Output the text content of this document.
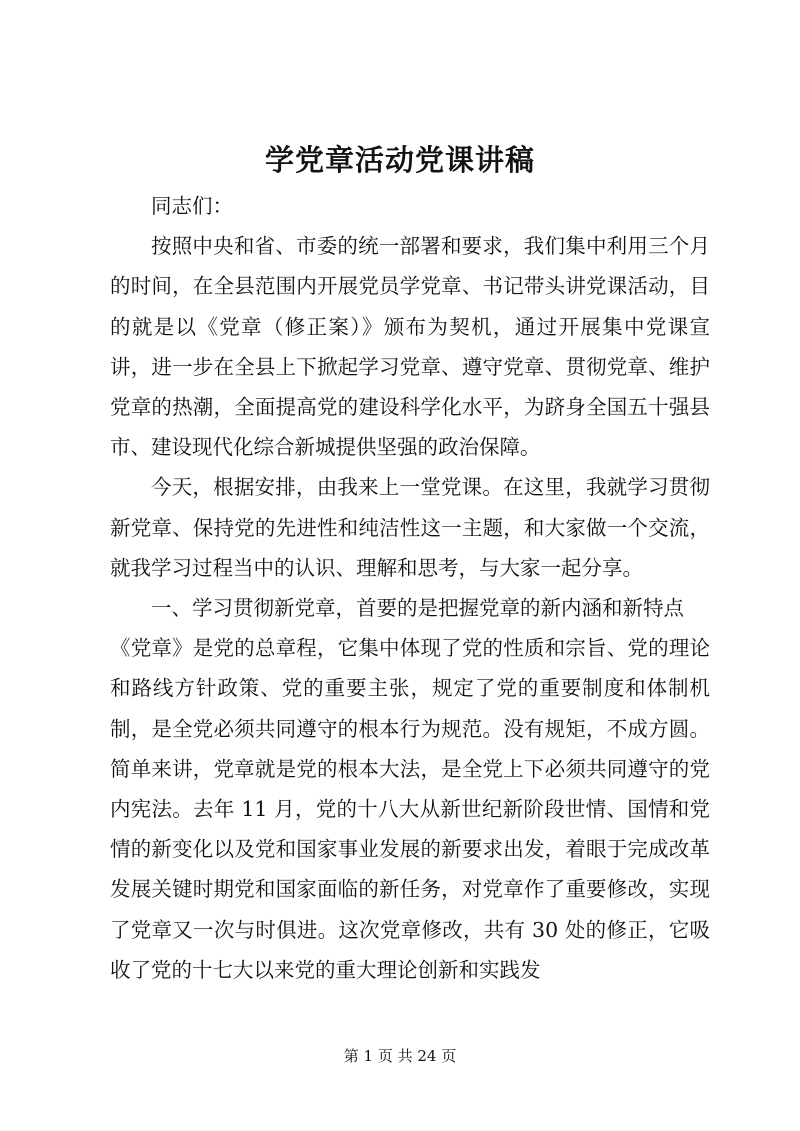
学党章活动党课讲稿

同志们：

按照中央和省、市委的统一部署和要求，我们集中利用三个月的时间，在全县范围内开展党员学党章、书记带头讲党课活动，目的就是以《党章（修正案）》颁布为契机，通过开展集中党课宣讲，进一步在全县上下掀起学习党章、遵守党章、贯彻党章、维护党章的热潮，全面提高党的建设科学化水平，为跻身全国五十强县市、建设现代化综合新城提供坚强的政治保障。

今天，根据安排，由我来上一堂党课。在这里，我就学习贯彻新党章、保持党的先进性和纯洁性这一主题，和大家做一个交流，就我学习过程当中的认识、理解和思考，与大家一起分享。

一、学习贯彻新党章，首要的是把握党章的新内涵和新特点

《党章》是党的总章程，它集中体现了党的性质和宗旨、党的理论和路线方针政策、党的重要主张，规定了党的重要制度和体制机制，是全党必须共同遵守的根本行为规范。没有规矩，不成方圆。简单来讲，党章就是党的根本大法，是全党上下必须共同遵守的党内宪法。去年 11 月，党的十八大从新世纪新阶段世情、国情和党情的新变化以及党和国家事业发展的新要求出发，着眼于完成改革发展关键时期党和国家面临的新任务，对党章作了重要修改，实现了党章又一次与时俱进。这次党章修改，共有 30 处的修正，它吸收了党的十七大以来党的重大理论创新和实践发

第 1 页 共 24 页
